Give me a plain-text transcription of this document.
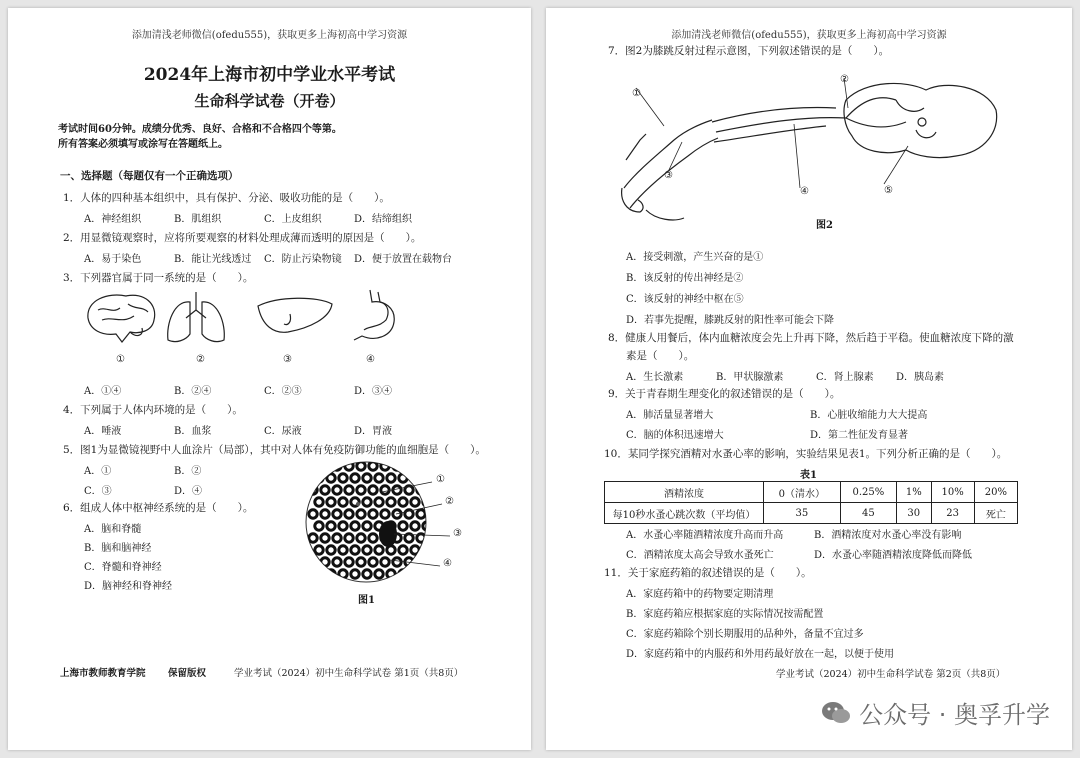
添加清浅老师微信(ofedu555)，获取更多上海初高中学习资源
2024年上海市初中学业水平考试
生命科学试卷（开卷）
考试时间60分钟。成绩分优秀、良好、合格和不合格四个等第。
所有答案必须填写或涂写在答题纸上。
一、选择题（每题仅有一个正确选项）
1．人体的四种基本组织中，具有保护、分泌、吸收功能的是（　　）。
A．神经组织	B．肌组织	C．上皮组织	D．结缔组织
2．用显微镜观察时，应将所要观察的材料处理成薄而透明的原因是（　　）。
A．易于染色	B．能让光线透过 C．防止污染物镜 D．便于放置在载物台
3．下列器官属于同一系统的是（　　）。
①	②	③	④
A．①④	B．②④	C．②③	D．③④
4．下列属于人体内环境的是（　　）。
A．唾液	B．血浆	C．尿液	D．胃液
5．图1为显微镜视野中人血涂片（局部），其中对人体有免疫防御功能的血细胞是（　　）。
A．①	B．②
C．③	D．④
6．组成人体中枢神经系统的是（　　）。
A．脑和脊髓
B．脑和脑神经
C．脊髓和脊神经
D．脑神经和脊神经
①
②
③
④
图1
上海市教师教育学院 保留版权	学业考试（2024）初中生命科学试卷 第1页（共8页）
添加清浅老师微信(ofedu555)，获取更多上海初高中学习资源
7．图2为膝跳反射过程示意图，下列叙述错误的是（　　）。
①
②
③
④	⑤
图2
A．接受刺激，产生兴奋的是①
B．该反射的传出神经是②
C．该反射的神经中枢在⑤
D．若事先提醒，膝跳反射的阳性率可能会下降
8．健康人用餐后，体内血糖浓度会先上升再下降，然后趋于平稳。使血糖浓度下降的激
素是（　　）。
A．生长激素	B．甲状腺激素	C．肾上腺素 D．胰岛素
9．关于青春期生理变化的叙述错误的是（　　）。
A．肺活量显著增大	B．心脏收缩能力大大提高
C．脑的体积迅速增大	D．第二性征发育显著
10．某同学探究酒精对水蚤心率的影响，实验结果见表1。下列分析正确的是（　　）。
表1
酒精浓度	0（清水）	0.25%	1%	10%	20%
每10秒水蚤心跳次数（平均值）	35	45	30	23	死亡
A．水蚤心率随酒精浓度升高而升高	B．酒精浓度对水蚤心率没有影响
C．酒精浓度太高会导致水蚤死亡	D．水蚤心率随酒精浓度降低而降低
11．关于家庭药箱的叙述错误的是（　　）。
A．家庭药箱中的药物要定期清理
B．家庭药箱应根据家庭的实际情况按需配置
C．家庭药箱除个别长期服用的品种外，备量不宜过多
D．家庭药箱中的内服药和外用药最好放在一起，以便于使用
学业考试（2024）初中生命科学试卷 第2页（共8页）
公众号 · 奥孚升学
